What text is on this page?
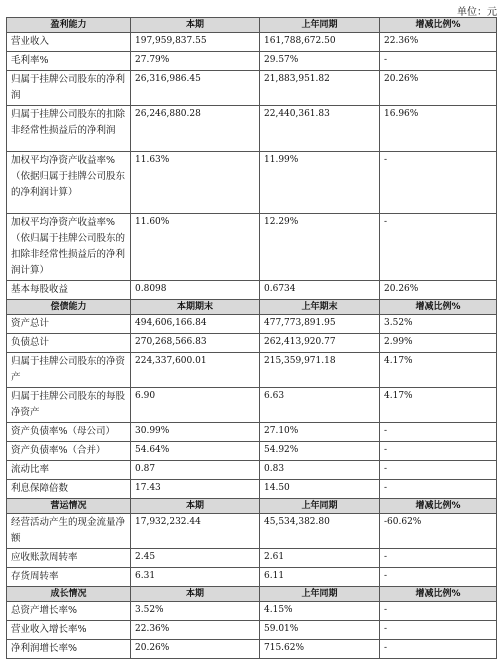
单位：元
盈利能力	本期	上年同期	增减比例%
营业收入	197,959,837.55	161,788,672.50	22.36%
毛利率%	27.79%	29.57%	-
归属于挂牌公司股东的净利润	26,316,986.45	21,883,951.82	20.26%
归属于挂牌公司股东的扣除非经常性损益后的净利润	26,246,880.28	22,440,361.83	16.96%
加权平均净资产收益率%（依据归属于挂牌公司股东的净利润计算）	11.63%	11.99%	-
加权平均净资产收益率%（依归属于挂牌公司股东的扣除非经常性损益后的净利润计算）	11.60%	12.29%	-
基本每股收益	0.8098	0.6734	20.26%
偿债能力	本期期末	上年期末	增减比例%
资产总计	494,606,166.84	477,773,891.95	3.52%
负债总计	270,268,566.83	262,413,920.77	2.99%
归属于挂牌公司股东的净资产	224,337,600.01	215,359,971.18	4.17%
归属于挂牌公司股东的每股净资产	6.90	6.63	4.17%
资产负债率%（母公司）	30.99%	27.10%	-
资产负债率%（合并）	54.64%	54.92%	-
流动比率	0.87	0.83	-
利息保障倍数	17.43	14.50	-
营运情况	本期	上年同期	增减比例%
经营活动产生的现金流量净额	17,932,232.44	45,534,382.80	-60.62%
应收账款周转率	2.45	2.61	-
存货周转率	6.31	6.11	-
成长情况	本期	上年同期	增减比例%
总资产增长率%	3.52%	4.15%	-
营业收入增长率%	22.36%	59.01%	-
净利润增长率%	20.26%	715.62%	-
